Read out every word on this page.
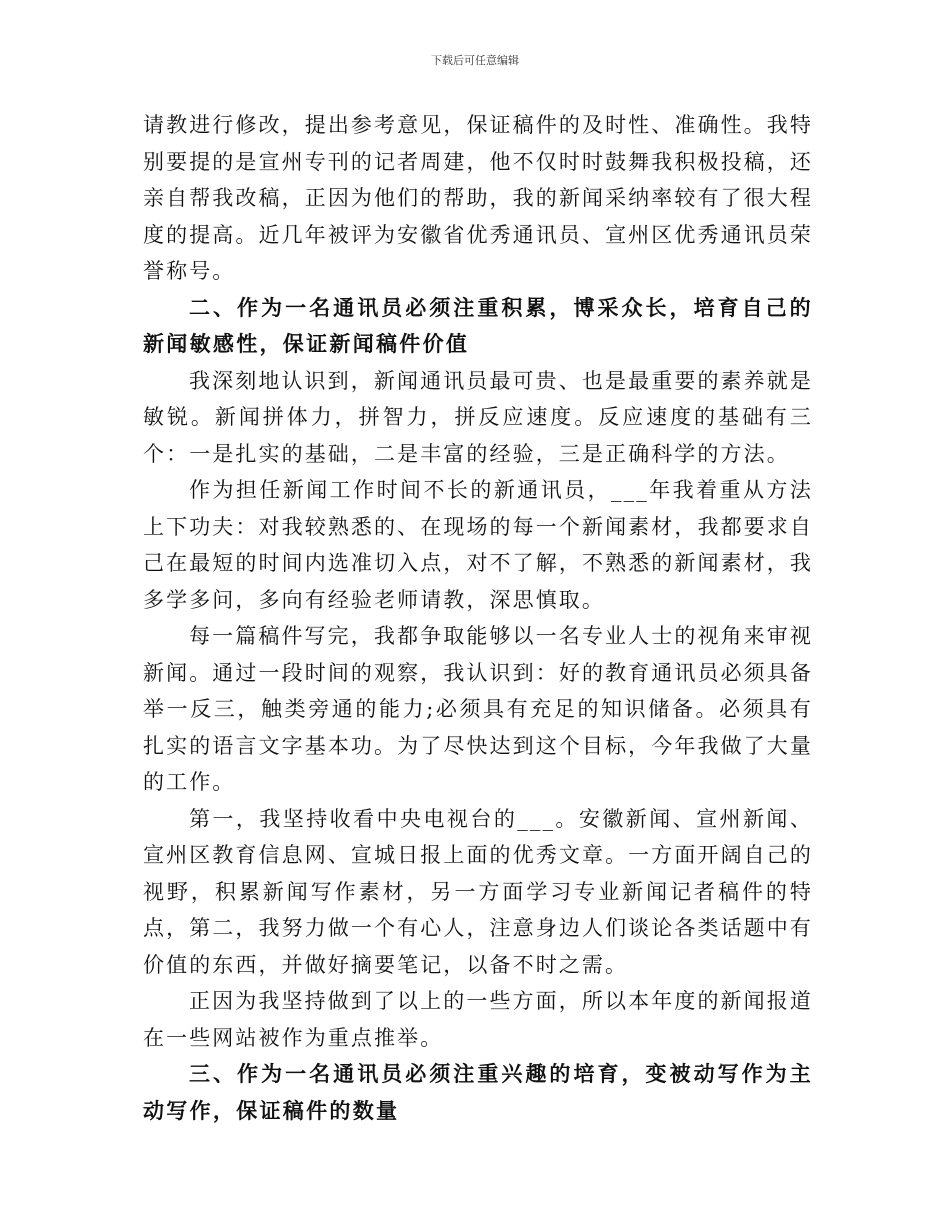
下载后可任意编辑

请教进行修改，提出参考意见，保证稿件的及时性、准确性。我特别要提的是宣州专刊的记者周建，他不仅时时鼓舞我积极投稿，还亲自帮我改稿，正因为他们的帮助，我的新闻采纳率较有了很大程度的提高。近几年被评为安徽省优秀通讯员、宣州区优秀通讯员荣誉称号。

二、作为一名通讯员必须注重积累，博采众长，培育自己的新闻敏感性，保证新闻稿件价值

我深刻地认识到，新闻通讯员最可贵、也是最重要的素养就是敏锐。新闻拼体力，拼智力，拼反应速度。反应速度的基础有三个：一是扎实的基础，二是丰富的经验，三是正确科学的方法。

作为担任新闻工作时间不长的新通讯员，___年我着重从方法上下功夫：对我较熟悉的、在现场的每一个新闻素材，我都要求自己在最短的时间内选准切入点，对不了解，不熟悉的新闻素材，我多学多问，多向有经验老师请教，深思慎取。

每一篇稿件写完，我都争取能够以一名专业人士的视角来审视新闻。通过一段时间的观察，我认识到：好的教育通讯员必须具备举一反三，触类旁通的能力;必须具有充足的知识储备。必须具有扎实的语言文字基本功。为了尽快达到这个目标，今年我做了大量的工作。

第一，我坚持收看中央电视台的___。安徽新闻、宣州新闻、宣州区教育信息网、宣城日报上面的优秀文章。一方面开阔自己的视野，积累新闻写作素材，另一方面学习专业新闻记者稿件的特点，第二，我努力做一个有心人，注意身边人们谈论各类话题中有价值的东西，并做好摘要笔记，以备不时之需。

正因为我坚持做到了以上的一些方面，所以本年度的新闻报道在一些网站被作为重点推举。

三、作为一名通讯员必须注重兴趣的培育，变被动写作为主动写作，保证稿件的数量
